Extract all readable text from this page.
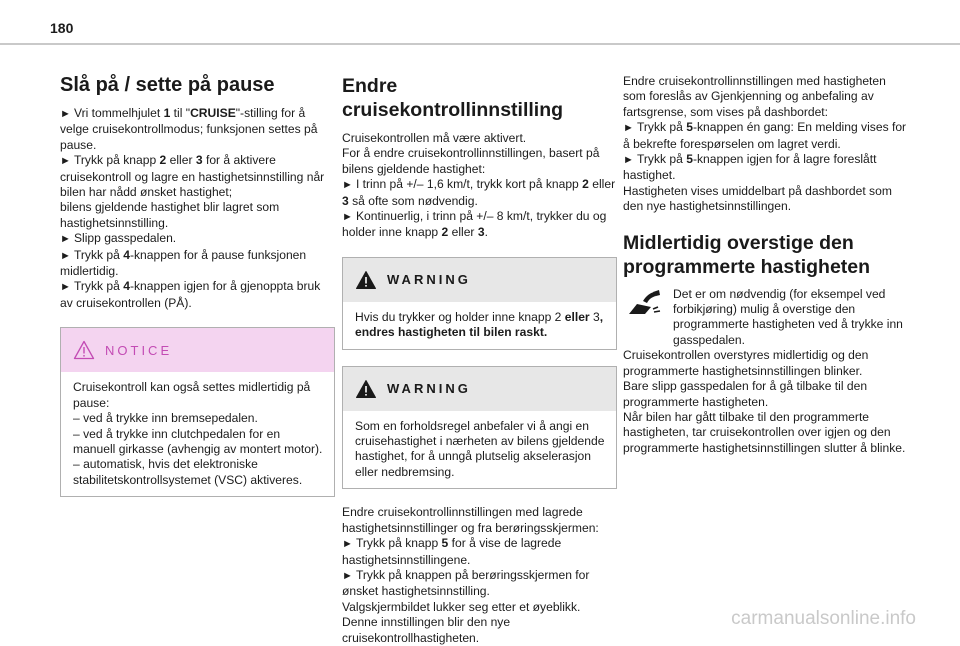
180
Slå på / sette på pause

► Vri tommelhjulet 1 til "CRUISE"-stilling for å velge cruisekontrollmodus; funksjonen settes på pause.

► Trykk på knapp 2 eller 3 for å aktivere cruisekontroll og lagre en hastighetsinnstilling når bilen har nådd ønsket hastighet;

bilens gjeldende hastighet blir lagret som hastighetsinnstilling.

► Slipp gasspedalen.

► Trykk på 4-knappen for å pause funksjonen midlertidig.

► Trykk på 4-knappen igjen for å gjenoppta bruk av cruisekontrollen (PÅ).

NOTICE

Cruisekontroll kan også settes midlertidig på pause:

– ved å trykke inn bremsepedalen.

– ved å trykke inn clutchpedalen for en manuell girkasse (avhengig av montert motor).

– automatisk, hvis det elektroniske stabilitetskontrollsystemet (VSC) aktiveres.

Endre cruisekontrollinnstilling

Cruisekontrollen må være aktivert.

For å endre cruisekontrollinnstillingen, basert på bilens gjeldende hastighet:

► I trinn på +/– 1,6 km/t, trykk kort på knapp 2 eller 3 så ofte som nødvendig.

► Kontinuerlig, i trinn på +/– 8 km/t, trykker du og holder inne knapp 2 eller 3.

WARNING

Hvis du trykker og holder inne knapp 2 eller 3, endres hastigheten til bilen raskt.

WARNING

Som en forholdsregel anbefaler vi å angi en cruisehastighet i nærheten av bilens gjeldende hastighet, for å unngå plutselig akselerasjon eller nedbremsing.

Endre cruisekontrollinnstillingen med lagrede hastighetsinnstillinger og fra berøringsskjermen:

► Trykk på knapp 5 for å vise de lagrede hastighetsinnstillingene.

► Trykk på knappen på berøringsskjermen for ønsket hastighetsinnstilling.

Valgskjermbildet lukker seg etter et øyeblikk.

Denne innstillingen blir den nye cruisekontrollhastigheten.

Endre cruisekontrollinnstillingen med hastigheten som foreslås av Gjenkjenning og anbefaling av fartsgrense, som vises på dashbordet:

► Trykk på 5-knappen én gang: En melding vises for å bekrefte forespørselen om lagret verdi.

► Trykk på 5-knappen igjen for å lagre foreslått hastighet.

Hastigheten vises umiddelbart på dashbordet som den nye hastighetsinnstillingen.

Midlertidig overstige den programmerte hastigheten

Det er om nødvendig (for eksempel ved forbikjøring) mulig å overstige den programmerte hastigheten ved å trykke inn gasspedalen.

Cruisekontrollen overstyres midlertidig og den programmerte hastighetsinnstillingen blinker.

Bare slipp gasspedalen for å gå tilbake til den programmerte hastigheten.

Når bilen har gått tilbake til den programmerte hastigheten, tar cruisekontrollen over igjen og den programmerte hastighetsinnstillingen slutter å blinke.

carmanualsonline.info
